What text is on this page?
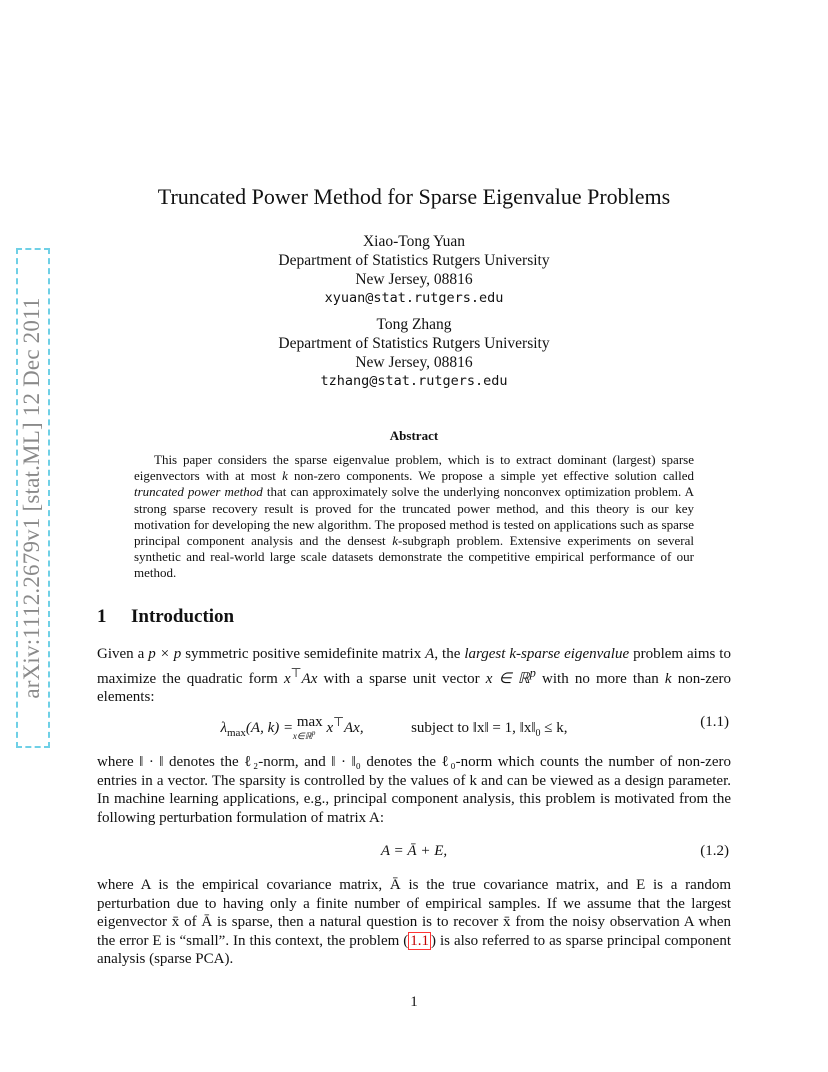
arXiv:1112.2679v1 [stat.ML] 12 Dec 2011
Truncated Power Method for Sparse Eigenvalue Problems
Xiao-Tong Yuan
Department of Statistics Rutgers University
New Jersey, 08816
xyuan@stat.rutgers.edu
Tong Zhang
Department of Statistics Rutgers University
New Jersey, 08816
tzhang@stat.rutgers.edu
Abstract

This paper considers the sparse eigenvalue problem, which is to extract dominant (largest) sparse eigenvectors with at most k non-zero components. We propose a simple yet effective solution called truncated power method that can approximately solve the underlying nonconvex optimization problem. A strong sparse recovery result is proved for the truncated power method, and this theory is our key motivation for developing the new algorithm. The proposed method is tested on applications such as sparse principal component analysis and the densest k-subgraph problem. Extensive experiments on several synthetic and real-world large scale datasets demonstrate the competitive empirical performance of our method.

1 Introduction

Given a p × p symmetric positive semidefinite matrix A, the largest k-sparse eigenvalue problem aims to maximize the quadratic form x⊤Ax with a sparse unit vector x ∈ ℝ$^p$ with no more than k non-zero elements:

$\lambda_{max}(A$, k) = max
x∈ℝ$^p$ x⊤Ax,	subject to ‖x‖ = 1, $‖x‖_0 \le k$,	(1.1)

where ‖ · ‖ denotes the ℓ₂-norm, and ‖ · ‖₀ denotes the ℓ₀-norm which counts the number of non-zero entries in a vector. The sparsity is controlled by the values of k and can be viewed as a design parameter. In machine learning applications, e.g., principal component analysis, this problem is motivated from the following perturbation formulation of matrix A:

A = Ā + E,	(1.2)

where A is the empirical covariance matrix, Ā is the true covariance matrix, and E is a random perturbation due to having only a finite number of empirical samples. If we assume that the largest eigenvector x̄ of Ā is sparse, then a natural question is to recover x̄ from the noisy observation A when the error E is “small”. In this context, the problem ( 1.1 ) is also referred to as sparse principal component analysis (sparse PCA).

1
